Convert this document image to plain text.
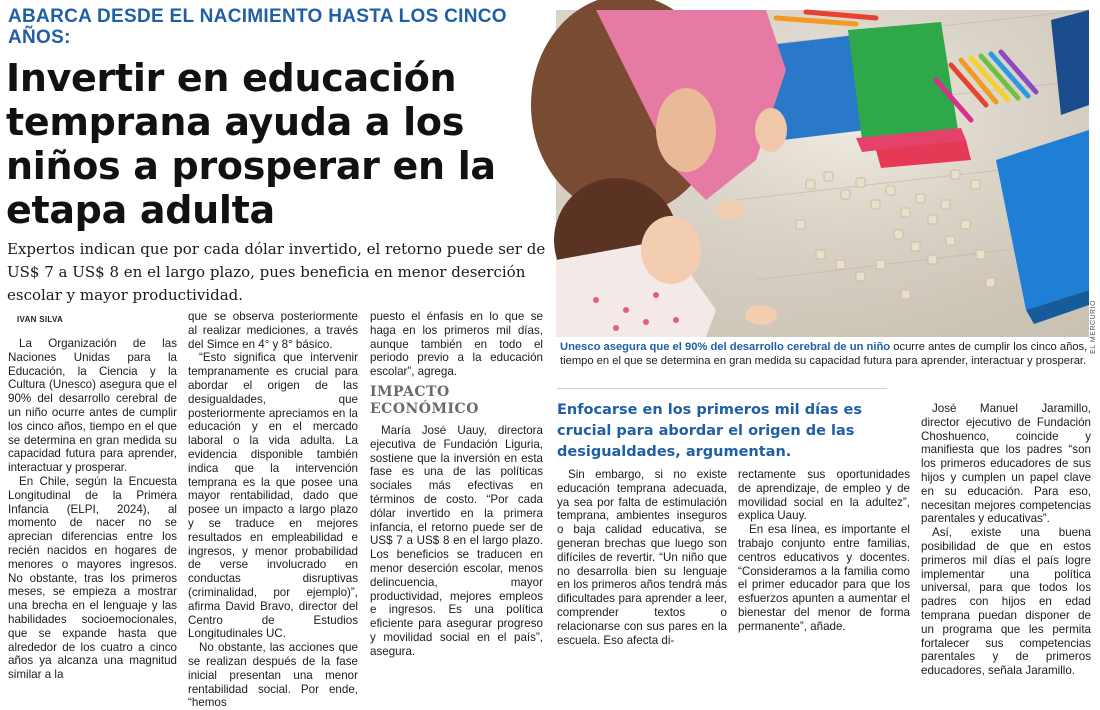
ABARCA DESDE EL NACIMIENTO HASTA LOS CINCO AÑOS:
Invertir en educación temprana ayuda a los niños a prosperar en la etapa adulta

Expertos indican que por cada dólar invertido, el retorno puede ser de US$ 7 a US$ 8 en el largo plazo, pues beneficia en menor deserción escolar y mayor productividad.

IVAN SILVA

La Organización de las Naciones Unidas para la Educación, la Ciencia y la Cultura (Unesco) asegura que el 90% del desarrollo cerebral de un niño ocurre antes de cumplir los cinco años, tiempo en el que se determina en gran medida su capacidad futura para aprender, interactuar y prosperar.

En Chile, según la Encuesta Longitudinal de la Primera Infancia (ELPI, 2024), al momento de nacer no se aprecian diferencias entre los recién nacidos en hogares de menores o mayores ingresos. No obstante, tras los primeros meses, se empieza a mostrar una brecha en el lenguaje y las habilidades socioemocionales, que se expande hasta que alrededor de los cuatro a cinco años ya alcanza una magnitud similar a la

que se observa posteriormente al realizar mediciones, a través del Simce en 4° y 8° básico.

“Esto significa que intervenir tempranamente es crucial para abordar el origen de las desigualdades, que posteriormente apreciamos en la educación y en el mercado laboral o la vida adulta. La evidencia disponible también indica que la intervención temprana es la que posee una mayor rentabilidad, dado que posee un impacto a largo plazo y se traduce en mejores resultados en empleabilidad e ingresos, y menor probabilidad de verse involucrado en conductas disruptivas (criminalidad, por ejemplo)”, afirma David Bravo, director del Centro de Estudios Longitudinales UC.

No obstante, las acciones que se realizan después de la fase inicial presentan una menor rentabilidad social. Por ende, “hemos

puesto el énfasis en lo que se haga en los primeros mil días, aunque también en todo el periodo previo a la educación escolar”, agrega.

IMPACTO ECONÓMICO

María José Uauy, directora ejecutiva de Fundación Liguria, sostiene que la inversión en esta fase es una de las políticas sociales más efectivas en términos de costo. “Por cada dólar invertido en la primera infancia, el retorno puede ser de US$ 7 a US$ 8 en el largo plazo. Los beneficios se traducen en menor deserción escolar, menos delincuencia, mayor productividad, mejores empleos e ingresos. Es una política eficiente para asegurar progreso y movilidad social en el país”, asegura.

EL MERCURIO

Unesco asegura que el 90% del desarrollo cerebral de un niño ocurre antes de cumplir los cinco años, tiempo en el que se determina en gran medida su capacidad futura para aprender, interactuar y prosperar.

Enfocarse en los primeros mil días es crucial para abordar el origen de las desigualdades, argumentan.

Sin embargo, si no existe educación temprana adecuada, ya sea por falta de estimulación temprana, ambientes inseguros o baja calidad educativa, se generan brechas que luego son difíciles de revertir. “Un niño que no desarrolla bien su lenguaje en los primeros años tendrá más dificultades para aprender a leer, comprender textos o relacionarse con sus pares en la escuela. Eso afecta di-

rectamente sus oportunidades de aprendizaje, de empleo y de movilidad social en la adultez”, explica Uauy.

En esa línea, es importante el trabajo conjunto entre familias, centros educativos y docentes. “Consideramos a la familia como el primer educador para que los esfuerzos apunten a aumentar el bienestar del menor de forma permanente”, añade.

José Manuel Jaramillo, director ejecutivo de Fundación Choshuenco, coincide y manifiesta que los padres “son los primeros educadores de sus hijos y cumplen un papel clave en su educación. Para eso, necesitan mejores competencias parentales y educativas”.

Así, existe una buena posibilidad de que en estos primeros mil días el país logre implementar una política universal, para que todos los padres con hijos en edad temprana puedan disponer de un programa que les permita fortalecer sus competencias parentales y de primeros educadores, señala Jaramillo.
